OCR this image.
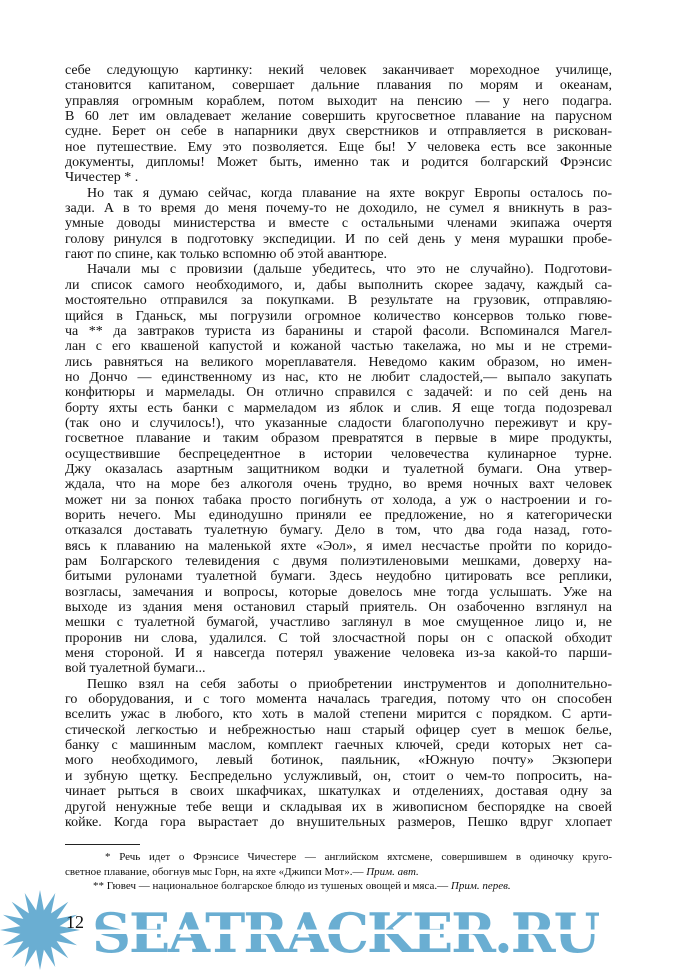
себе следующую картинку: некий человек заканчивает мореходное училище,
становится капитаном, совершает дальние плавания по морям и океанам,
управляя огромным кораблем, потом выходит на пенсию — у него подагра.
В 60 лет им овладевает желание совершить кругосветное плавание на парусном
судне. Берет он себе в напарники двух сверстников и отправляется в рискован-
ное путешествие. Ему это позволяется. Еще бы! У человека есть все законные
документы, дипломы! Может быть, именно так и родится болгарский Фрэнсис
Чичестер * .
Но так я думаю сейчас, когда плавание на яхте вокруг Европы осталось по-
зади. А в то время до меня почему-то не доходило, не сумел я вникнуть в раз-
умные доводы министерства и вместе с остальными членами экипажа очертя
голову ринулся в подготовку экспедиции. И по сей день у меня мурашки пробе-
гают по спине, как только вспомню об этой авантюре.
Начали мы с провизии (дальше убедитесь, что это не случайно). Подготови-
ли список самого необходимого, и, дабы выполнить скорее задачу, каждый са-
мостоятельно отправился за покупками. В результате на грузовик, отправляю-
щийся в Гданьск, мы погрузили огромное количество консервов только гюве-
ча ** да завтраков туриста из баранины и старой фасоли. Вспоминался Магел-
лан с его квашеной капустой и кожаной частью такелажа, но мы и не стреми-
лись равняться на великого мореплавателя. Неведомо каким образом, но имен-
но Дончо — единственному из нас, кто не любит сладостей,— выпало закупать
конфитюры и мармелады. Он отлично справился с задачей: и по сей день на
борту яхты есть банки с мармеладом из яблок и слив. Я еще тогда подозревал
(так оно и случилось!), что указанные сладости благополучно переживут и кру-
госветное плавание и таким образом превратятся в первые в мире продукты,
осуществившие беспрецедентное в истории человечества кулинарное турне.
Джу оказалась азартным защитником водки и туалетной бумаги. Она утвер-
ждала, что на море без алкоголя очень трудно, во время ночных вахт человек
может ни за понюх табака просто погибнуть от холода, а уж о настроении и го-
ворить нечего. Мы единодушно приняли ее предложение, но я категорически
отказался доставать туалетную бумагу. Дело в том, что два года назад, гото-
вясь к плаванию на маленькой яхте «Эол», я имел несчастье пройти по коридо-
рам Болгарского телевидения с двумя полиэтиленовыми мешками, доверху на-
битыми рулонами туалетной бумаги. Здесь неудобно цитировать все реплики,
возгласы, замечания и вопросы, которые довелось мне тогда услышать. Уже на
выходе из здания меня остановил старый приятель. Он озабоченно взглянул на
мешки с туалетной бумагой, участливо заглянул в мое смущенное лицо и, не
проронив ни слова, удалился. С той злосчастной поры он с опаской обходит
меня стороной. И я навсегда потерял уважение человека из-за какой-то парши-
вой туалетной бумаги...
Пешко взял на себя заботы о приобретении инструментов и дополнительно-
го оборудования, и с того момента началась трагедия, потому что он способен
вселить ужас в любого, кто хоть в малой степени мирится с порядком. С арти-
стической легкостью и небрежностью наш старый офицер сует в мешок белье,
банку с машинным маслом, комплект гаечных ключей, среди которых нет са-
мого необходимого, левый ботинок, паяльник, «Южную почту» Экзюпери
и зубную щетку. Беспредельно услужливый, он, стоит о чем-то попросить, на-
чинает рыться в своих шкафчиках, шкатулках и отделениях, доставая одну за
другой ненужные тебе вещи и складывая их в живописном беспорядке на своей
койке. Когда гора вырастает до внушительных размеров, Пешко вдруг хлопает
* Речь идет о Фрэнсисе Чичестере — английском яхтсмене, совершившем в одиночку круго-
светное плавание, обогнув мыс Горн, на яхте «Джипси Мот».— Прим. авт.
** Гювеч — национальное болгарское блюдо из тушеных овощей и мяса.— Прим. перев.
12 SEATRACKER.RU
